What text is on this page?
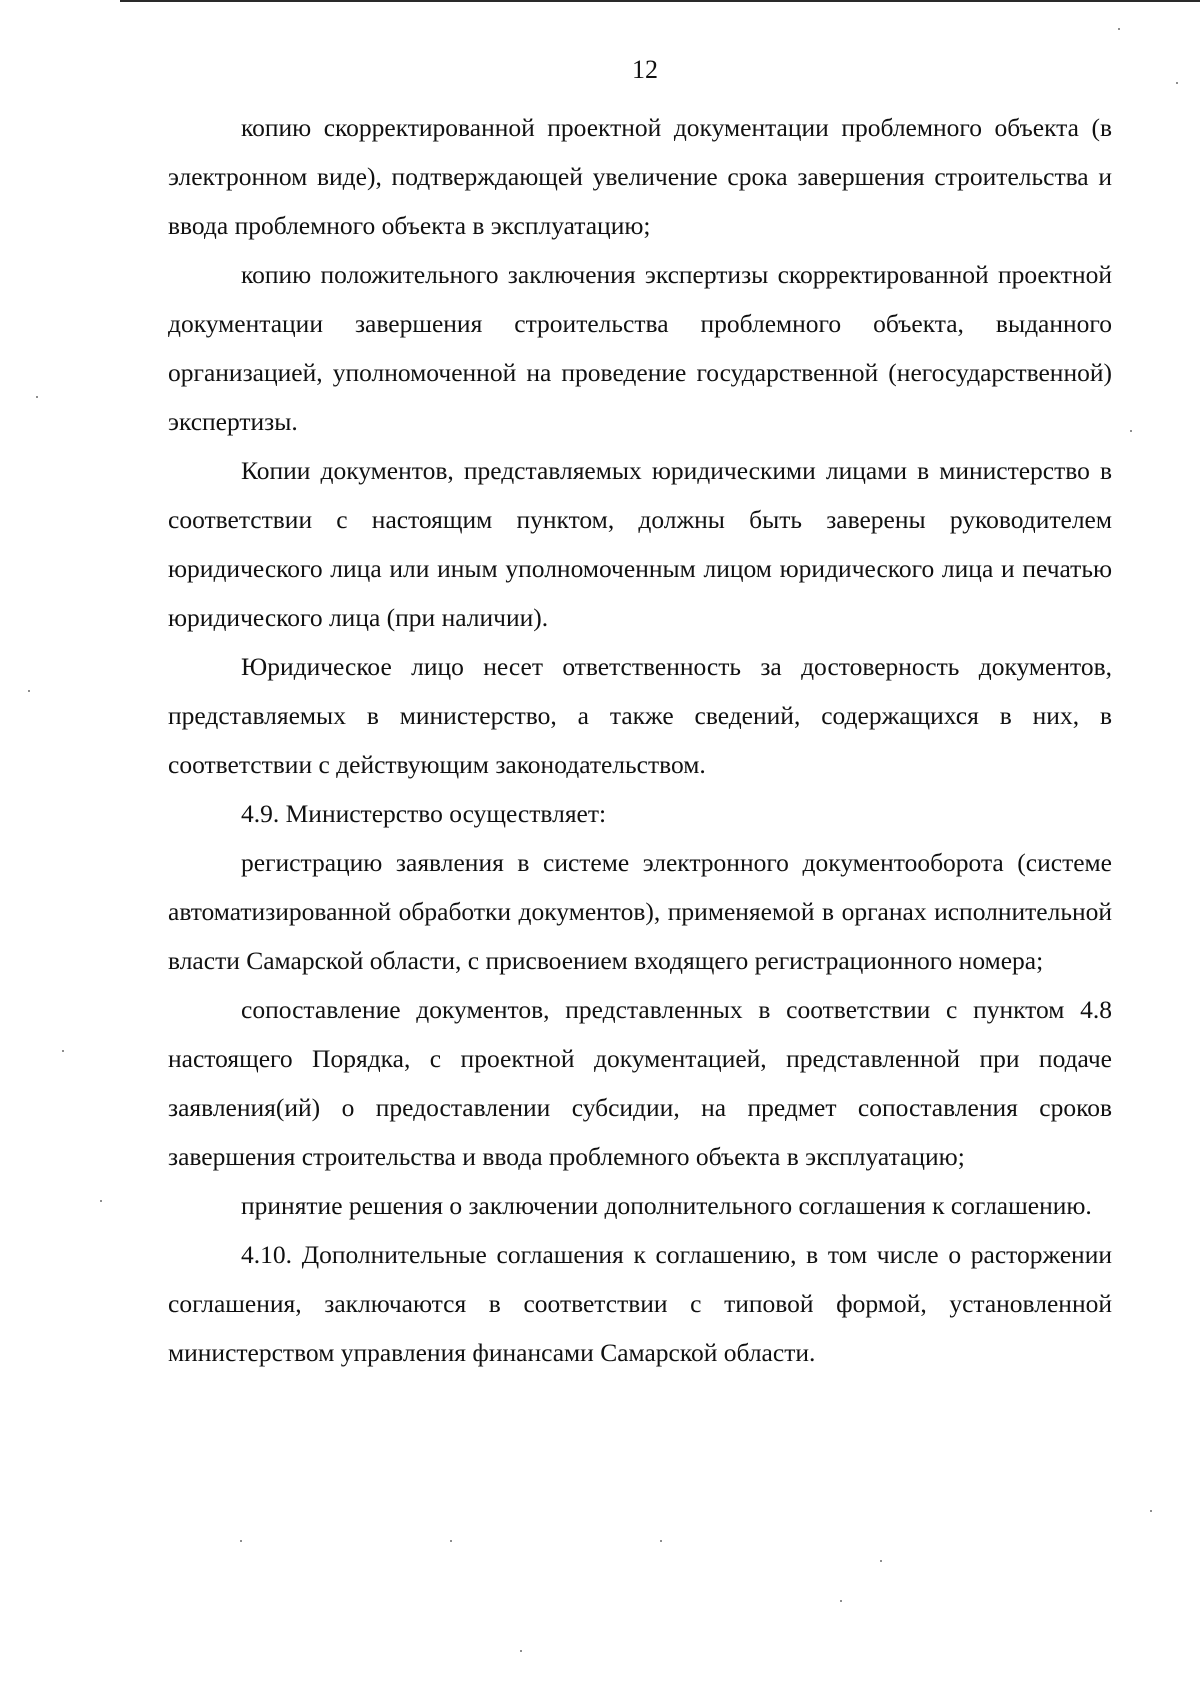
12

копию скорректированной проектной документации проблемного объекта (в электронном виде), подтверждающей увеличение срока завершения строительства и ввода проблемного объекта в эксплуатацию;

копию положительного заключения экспертизы скорректированной проектной документации завершения строительства проблемного объекта, выданного организацией, уполномоченной на проведение государственной (негосударственной) экспертизы.

Копии документов, представляемых юридическими лицами в министерство в соответствии с настоящим пунктом, должны быть заверены руководителем юридического лица или иным уполномоченным лицом юридического лица и печатью юридического лица (при наличии).

Юридическое лицо несет ответственность за достоверность документов, представляемых в министерство, а также сведений, содержащихся в них, в соответствии с действующим законодательством.

4.9. Министерство осуществляет:

регистрацию заявления в системе электронного документооборота (системе автоматизированной обработки документов), применяемой в органах исполнительной власти Самарской области, с присвоением входящего регистрационного номера;

сопоставление документов, представленных в соответствии с пунктом 4.8 настоящего Порядка, с проектной документацией, представленной при подаче заявления(ий) о предоставлении субсидии, на предмет сопоставления сроков завершения строительства и ввода проблемного объекта в эксплуатацию;

принятие решения о заключении дополнительного соглашения к соглашению.

4.10. Дополнительные соглашения к соглашению, в том числе о расторжении соглашения, заключаются в соответствии с типовой формой, установленной министерством управления финансами Самарской области.
